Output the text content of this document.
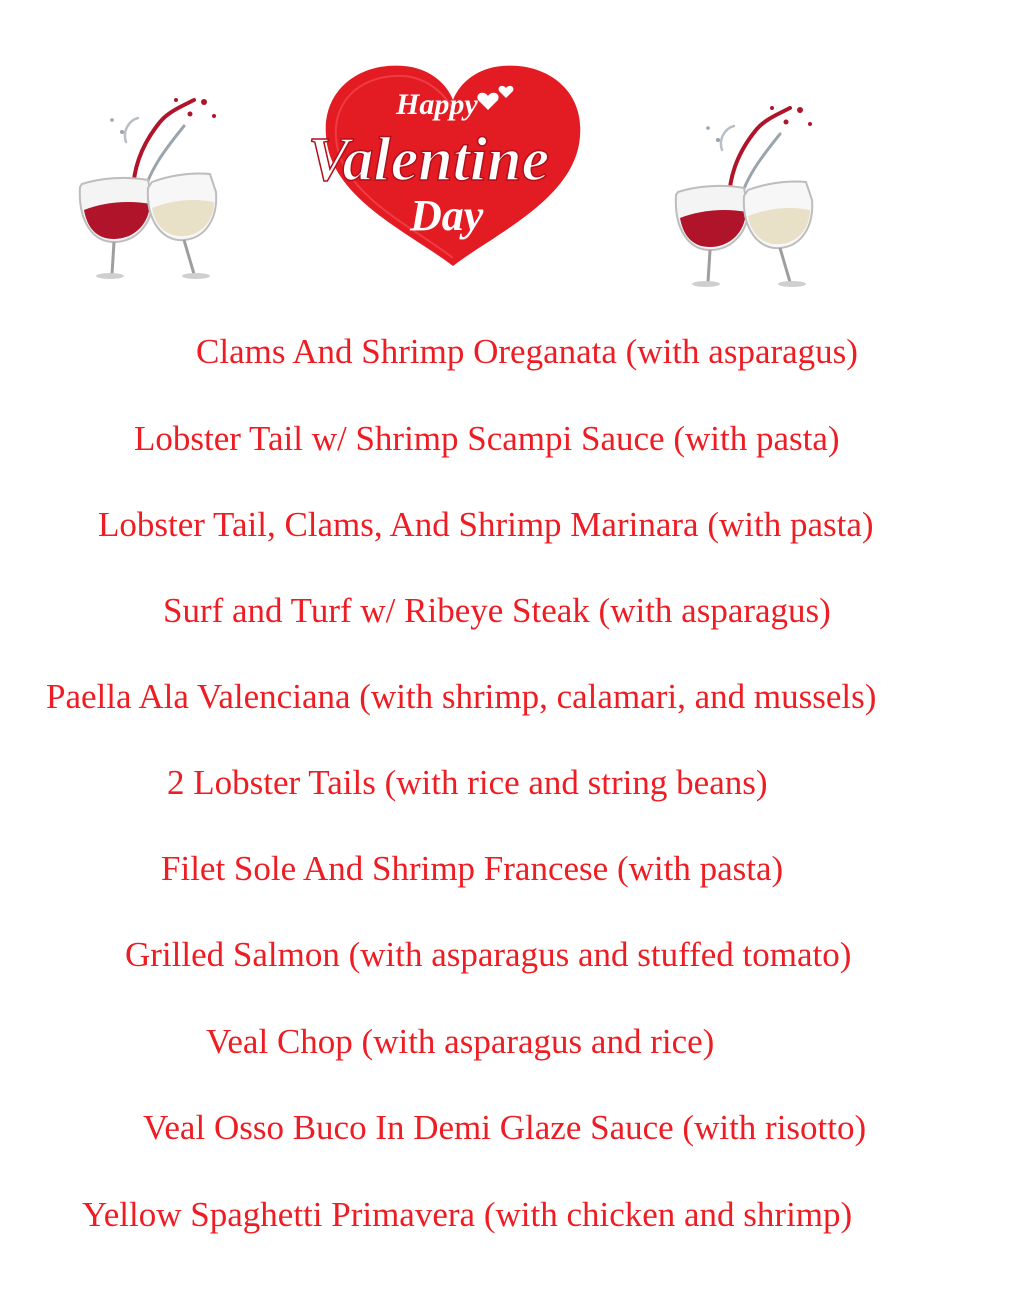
Happy
Valentine
Day

Clams And Shrimp Oreganata (with asparagus)

Lobster Tail w/ Shrimp Scampi Sauce (with pasta)

Lobster Tail, Clams, And Shrimp Marinara (with pasta)

Surf and Turf w/ Ribeye Steak (with asparagus)

Paella Ala Valenciana (with shrimp, calamari, and mussels)

2 Lobster Tails (with rice and string beans)

Filet Sole And Shrimp Francese (with pasta)

Grilled Salmon (with asparagus and stuffed tomato)

Veal Chop (with asparagus and rice)

Veal Osso Buco In Demi Glaze Sauce (with risotto)

Yellow Spaghetti Primavera (with chicken and shrimp)
